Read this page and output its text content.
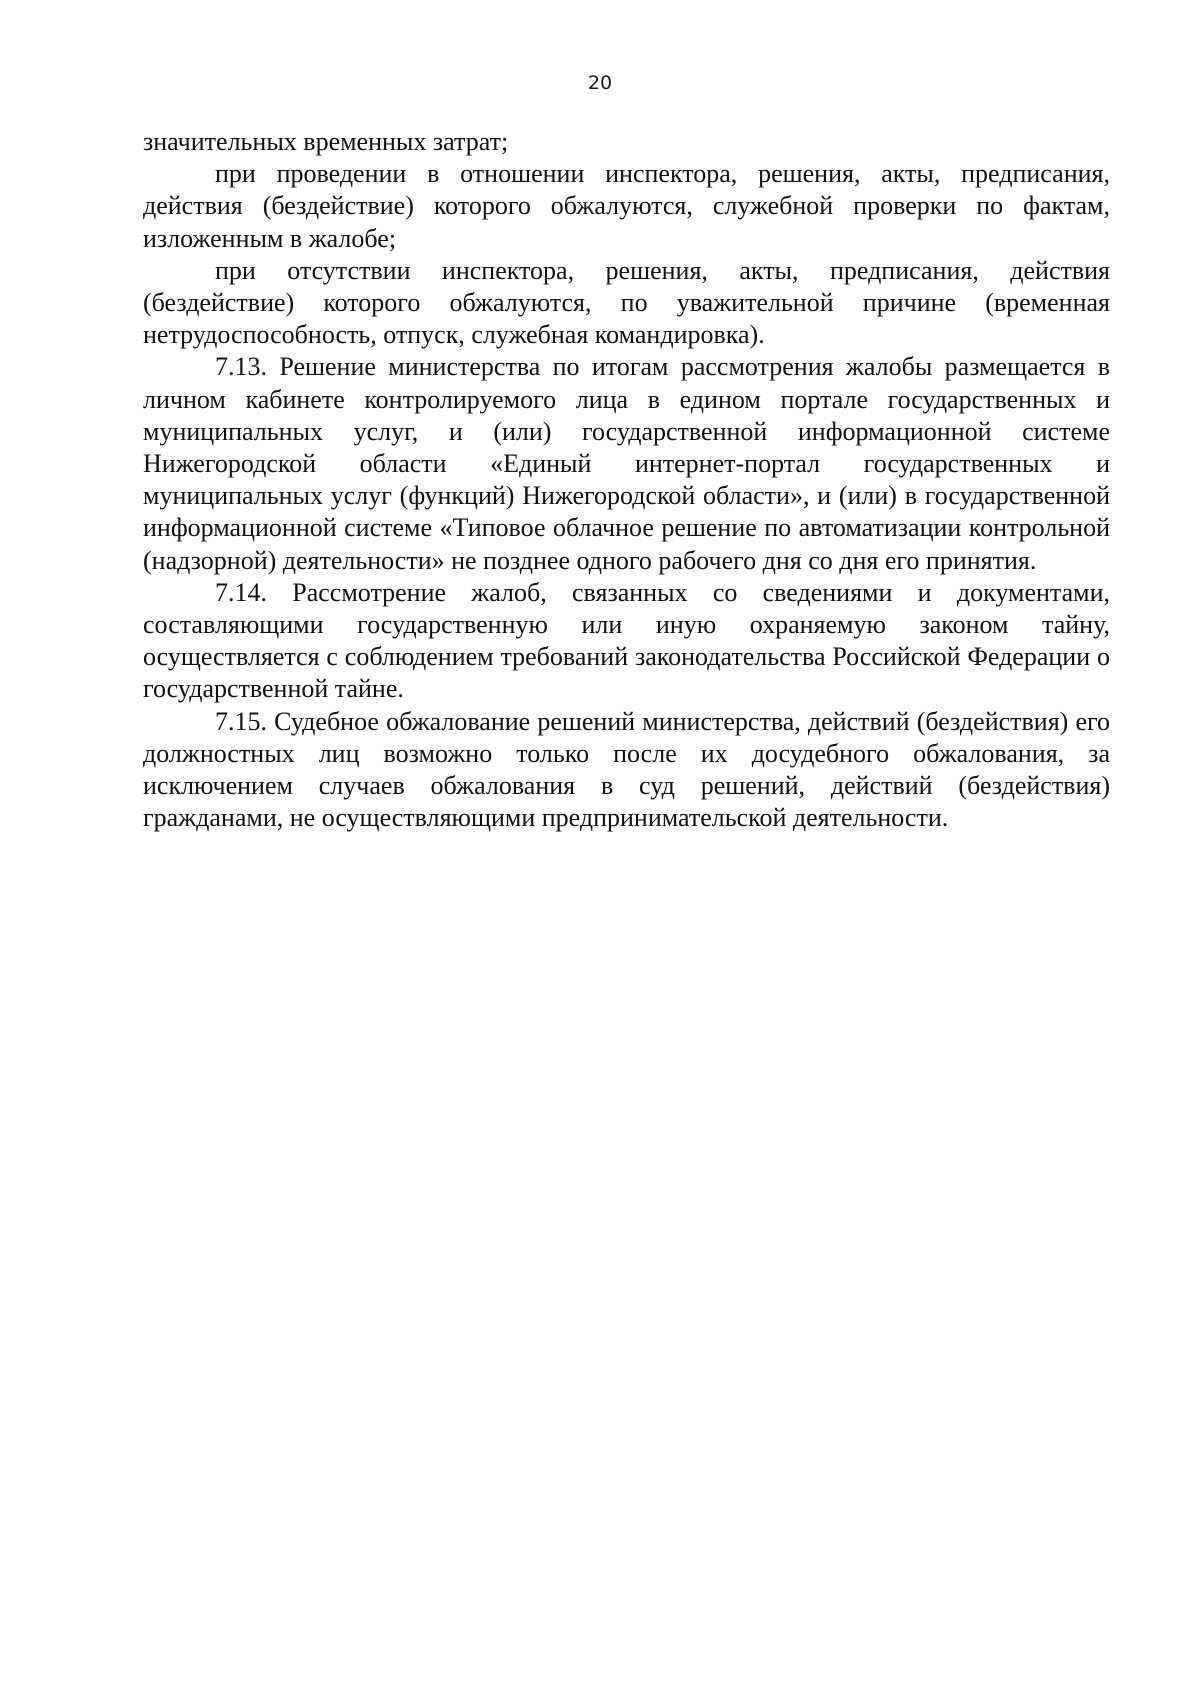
20

значительных временных затрат;

при проведении в отношении инспектора, решения, акты, предписания, действия (бездействие) которого обжалуются, служебной проверки по фактам, изложенным в жалобе;

при отсутствии инспектора, решения, акты, предписания, действия (бездействие) которого обжалуются, по уважительной причине (временная нетрудоспособность, отпуск, служебная командировка).

7.13. Решение министерства по итогам рассмотрения жалобы размещается в личном кабинете контролируемого лица в едином портале государственных и муниципальных услуг, и (или) государственной информационной системе Нижегородской области «Единый интернет-портал государственных и муниципальных услуг (функций) Нижегородской области», и (или) в государственной информационной системе «Типовое облачное решение по автоматизации контрольной (надзорной) деятельности» не позднее одного рабочего дня со дня его принятия.

7.14. Рассмотрение жалоб, связанных со сведениями и документами, составляющими государственную или иную охраняемую законом тайну, осуществляется с соблюдением требований законодательства Российской Федерации о государственной тайне.

7.15. Судебное обжалование решений министерства, действий (бездействия) его должностных лиц возможно только после их досудебного обжалования, за исключением случаев обжалования в суд решений, действий (бездействия) гражданами, не осуществляющими предпринимательской деятельности.
